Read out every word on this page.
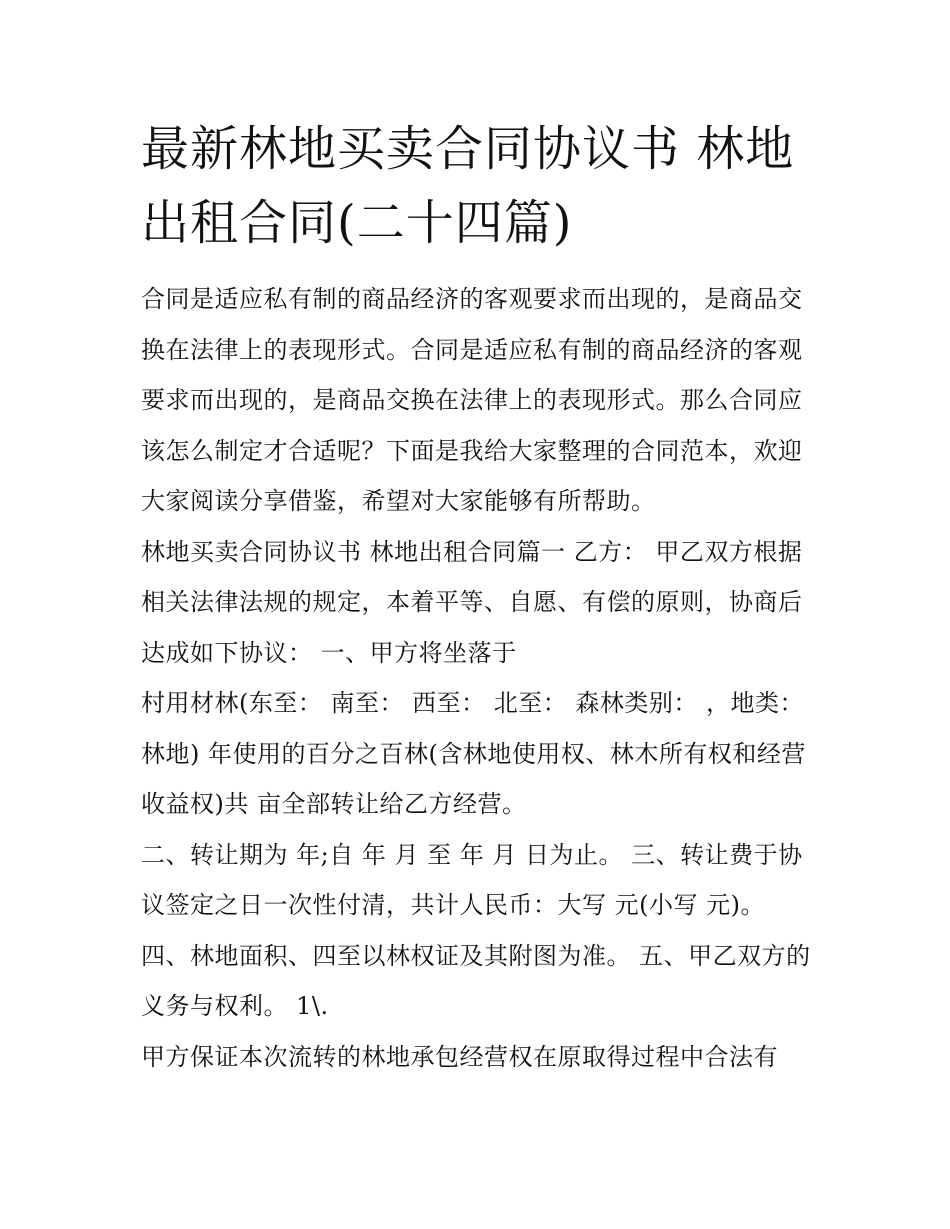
最新林地买卖合同协议书 林地出租合同(二十四篇)

合同是适应私有制的商品经济的客观要求而出现的，是商品交换在法律上的表现形式。合同是适应私有制的商品经济的客观要求而出现的，是商品交换在法律上的表现形式。那么合同应该怎么制定才合适呢？下面是我给大家整理的合同范本，欢迎大家阅读分享借鉴，希望对大家能够有所帮助。

林地买卖合同协议书 林地出租合同篇一 乙方： 甲乙双方根据相关法律法规的规定，本着平等、自愿、有偿的原则，协商后达成如下协议： 一、甲方将坐落于

村用材林(东至： 南至： 西至： 北至： 森林类别： ，地类：林地) 年使用的百分之百林(含林地使用权、林木所有权和经营收益权)共 亩全部转让给乙方经营。

二、转让期为 年;自 年 月 至 年 月 日为止。 三、转让费于协议签定之日一次性付清，共计人民币：大写 元(小写 元)。

四、林地面积、四至以林权证及其附图为准。 五、甲乙双方的义务与权利。 1\.

甲方保证本次流转的林地承包经营权在原取得过程中合法有
